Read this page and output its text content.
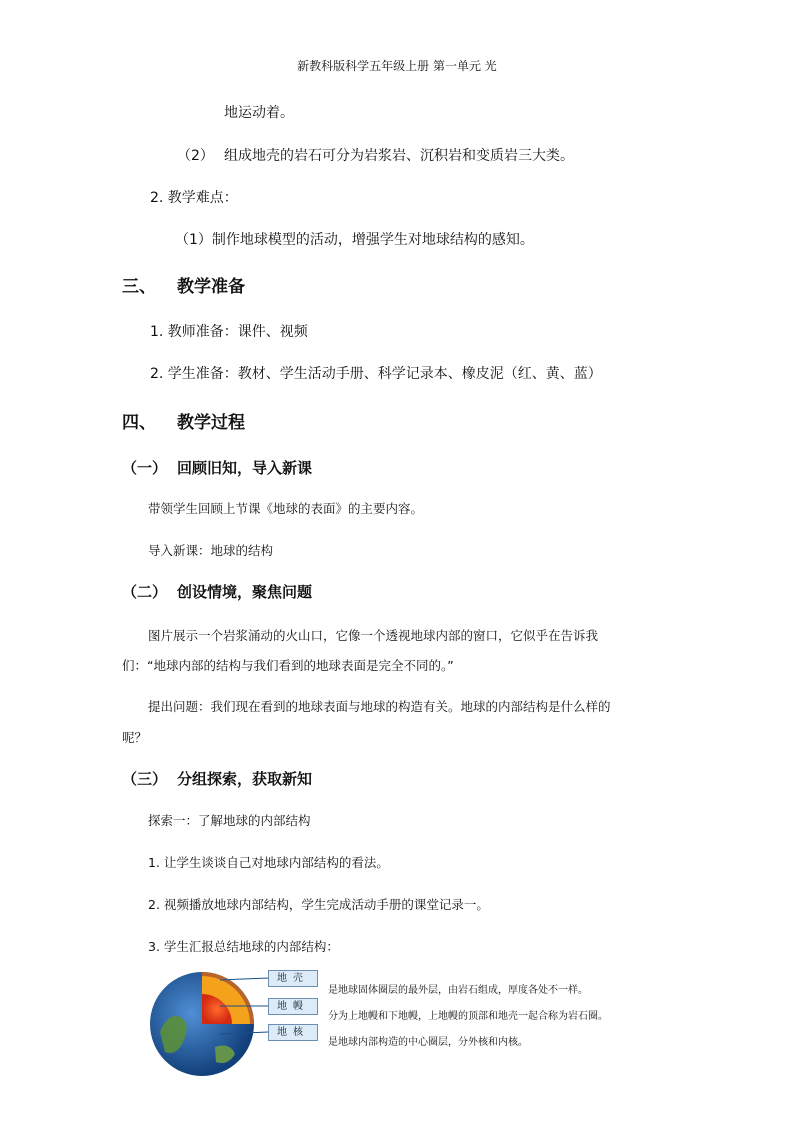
新教科版科学五年级上册 第一单元 光
地运动着。
（2） 组成地壳的岩石可分为岩浆岩、沉积岩和变质岩三大类。
2. 教学难点：
（1）制作地球模型的活动，增强学生对地球结构的感知。
三、 教学准备
1. 教师准备：课件、视频
2. 学生准备：教材、学生活动手册、科学记录本、橡皮泥（红、黄、蓝）
四、 教学过程
（一） 回顾旧知，导入新课
带领学生回顾上节课《地球的表面》的主要内容。
导入新课：地球的结构
（二） 创设情境，聚焦问题
图片展示一个岩浆涌动的火山口，它像一个透视地球内部的窗口，它似乎在告诉我
们：“地球内部的结构与我们看到的地球表面是完全不同的。”
提出问题：我们现在看到的地球表面与地球的构造有关。地球的内部结构是什么样的
呢？
（三） 分组探索，获取新知
探索一：了解地球的内部结构
1. 让学生谈谈自己对地球内部结构的看法。
2. 视频播放地球内部结构，学生完成活动手册的课堂记录一。
3. 学生汇报总结地球的内部结构：
地壳
地幔
地核
是地球固体圈层的最外层，由岩石组成，厚度各处不一样。
分为上地幔和下地幔，上地幔的顶部和地壳一起合称为岩石圈。
是地球内部构造的中心圈层，分外核和内核。
